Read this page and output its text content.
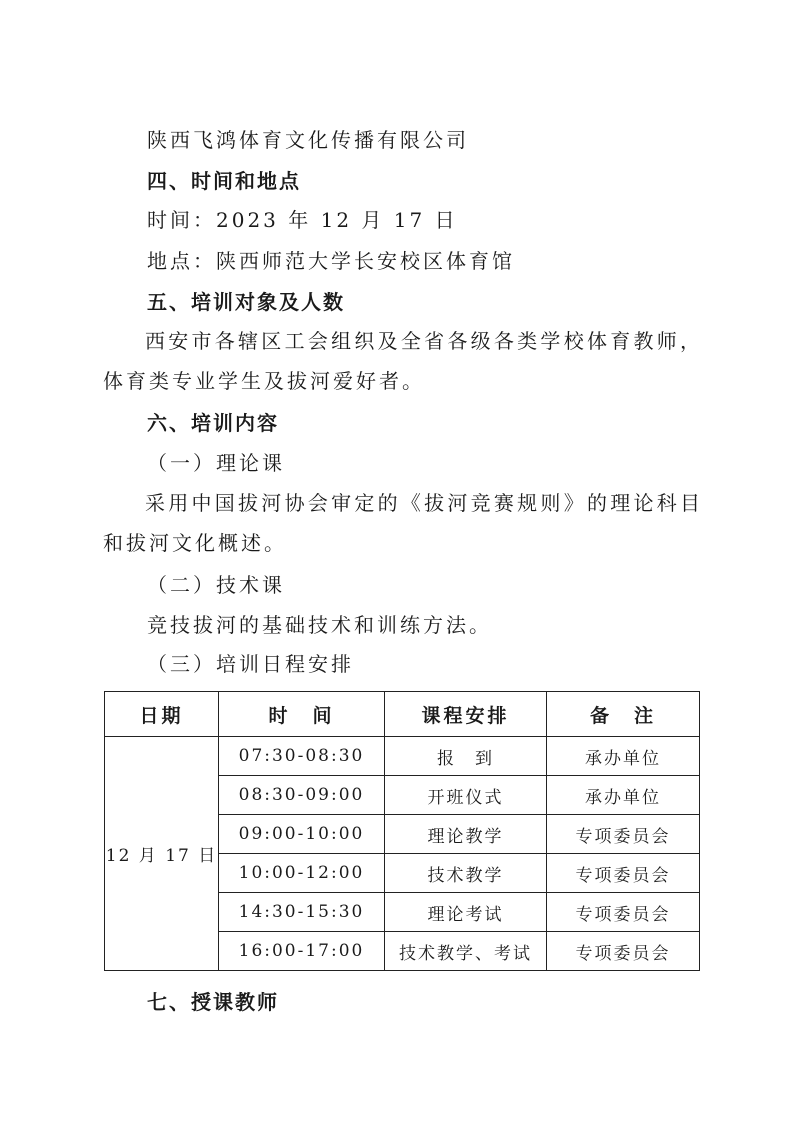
陕西飞鸿体育文化传播有限公司
四、时间和地点
时间：2023 年 12 月 17 日
地点：陕西师范大学长安校区体育馆
五、培训对象及人数
西安市各辖区工会组织及全省各级各类学校体育教师，体育类专业学生及拔河爱好者。
六、培训内容
（一）理论课
采用中国拔河协会审定的《拔河竞赛规则》的理论科目和拔河文化概述。
（二）技术课
竞技拔河的基础技术和训练方法。
（三）培训日程安排
日期	时　间	课程安排	备　注
12 月 17 日	07:30-08:30	报　到	承办单位
	08:30-09:00	开班仪式	承办单位
	09:00-10:00	理论教学	专项委员会
	10:00-12:00	技术教学	专项委员会
	14:30-15:30	理论考试	专项委员会
	16:00-17:00	技术教学、考试	专项委员会
七、授课教师
